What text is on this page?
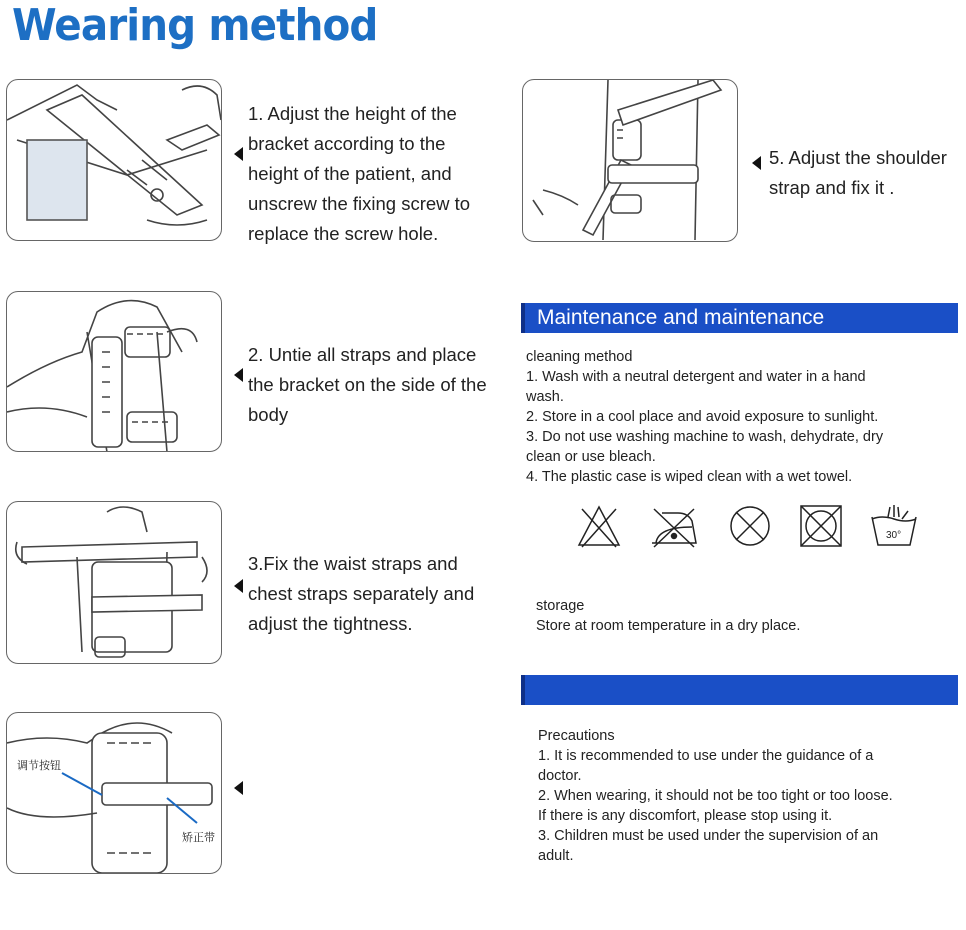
Wearing method

1. Adjust the height of the

bracket according to the

height of the patient, and

unscrew the fixing screw to

replace the screw hole.

2. Untie all straps and place

the bracket on the side of the

body

3.Fix the waist straps and

chest straps separately and

adjust the tightness.

调节按钮
矫正带

5. Adjust the shoulder

strap and fix it .

Maintenance and maintenance

cleaning method

1. Wash with a neutral detergent and water in a hand

wash.

2. Store in a cool place and avoid exposure to sunlight.

3. Do not use washing machine to wash, dehydrate, dry

clean or use bleach.

4. The plastic case is wiped clean with a wet towel.

30°

storage

Store at room temperature in a dry place.

Precautions

1. It is recommended to use under the guidance of a

doctor.

2. When wearing, it should not be too tight or too loose.

If there is any discomfort, please stop using it.

3. Children must be used under the supervision of an

adult.
